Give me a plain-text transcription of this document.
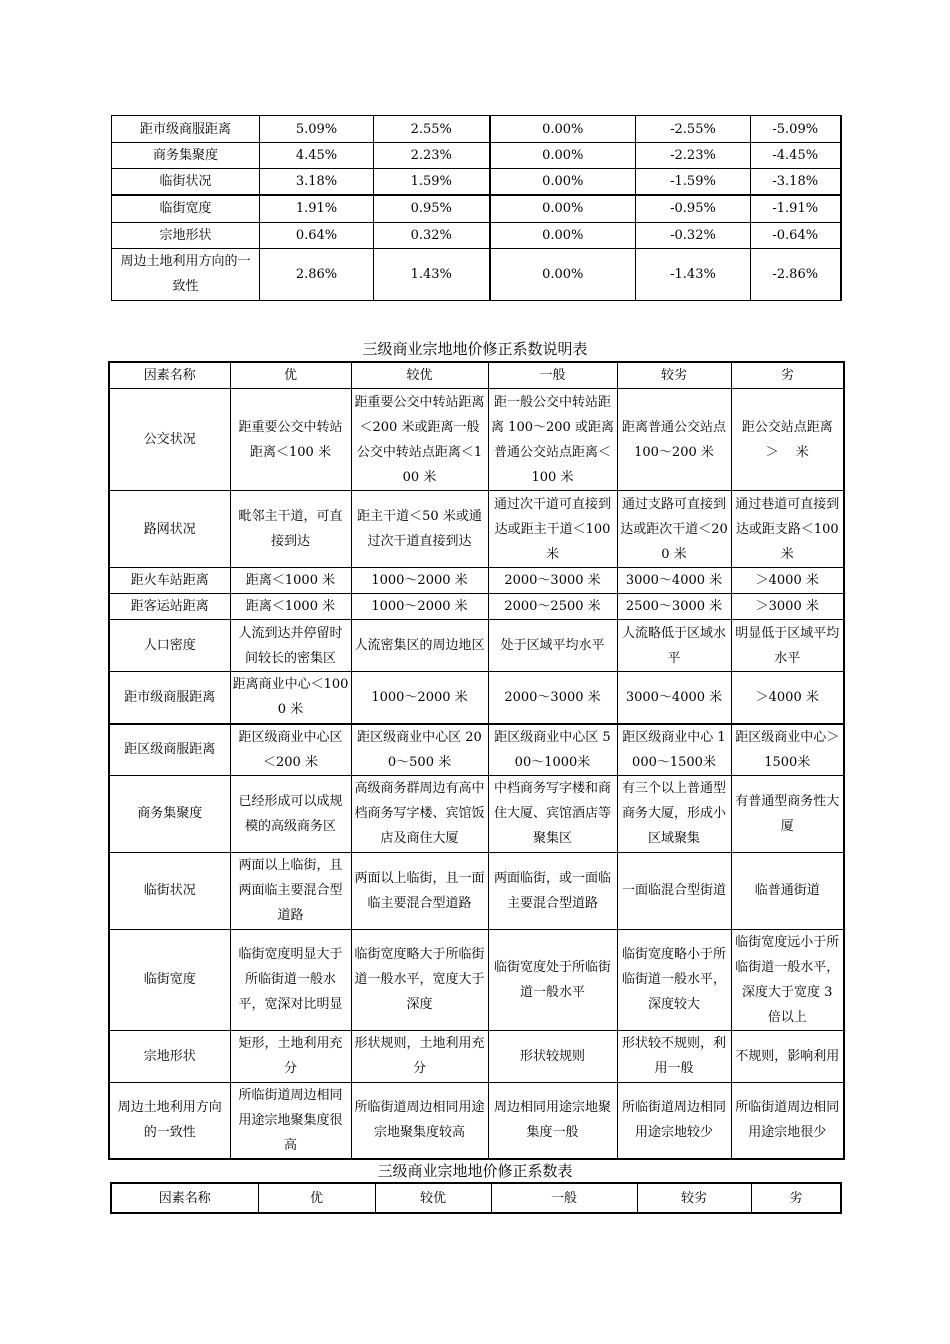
距市级商服距离	5.09%	2.55%	0.00%	-2.55%	-5.09%
商务集聚度	4.45%	2.23%	0.00%	-2.23%	-4.45%
临街状况	3.18%	1.59%	0.00%	-1.59%	-3.18%
临街宽度	1.91%	0.95%	0.00%	-0.95%	-1.91%
宗地形状	0.64%	0.32%	0.00%	-0.32%	-0.64%
周边土地利用方向的一致性	2.86%	1.43%	0.00%	-1.43%	-2.86%
三级商业宗地地价修正系数说明表
因素名称	优	较优	一般	较劣	劣
公交状况	距重要公交中转站距离＜100 米	距重要公交中转站距离＜200 米或距离一般公交中转站点距离＜100 米	距一般公交中转站距离 100～200 或距离普通公交站点距离＜100 米	距离普通公交站点 100～200 米	距公交站点距离 ＞　 米
路网状况	毗邻主干道，可直接到达	距主干道＜50 米或通过次干道直接到达	通过次干道可直接到达或距主干道＜100 米	通过支路可直接到达或距次干道＜200 米	通过巷道可直接到达或距支路＜100 米
距火车站距离	距离＜1000 米	1000～2000 米	2000～3000 米	3000～4000 米	＞4000 米
距客运站距离	距离＜1000 米	1000～2000 米	2000～2500 米	2500～3000 米	＞3000 米
人口密度	人流到达并停留时间较长的密集区	人流密集区的周边地区	处于区域平均水平	人流略低于区域水平	明显低于区域平均水平
距市级商服距离	距离商业中心＜1000 米	1000～2000 米	2000～3000 米	3000～4000 米	＞4000 米
距区级商服距离	距区级商业中心区＜200 米	距区级商业中心区 200～500 米	距区级商业中心区 500～1000米	距区级商业中心 1000～1500米	距区级商业中心＞1500米
商务集聚度	已经形成可以成规模的高级商务区	高级商务群周边有高中档商务写字楼、宾馆饭店及商住大厦	中档商务写字楼和商住大厦、宾馆酒店等聚集区	有三个以上普通型商务大厦，形成小区域聚集	有普通型商务性大厦
临街状况	两面以上临街，且两面临主要混合型道路	两面以上临街，且一面临主要混合型道路	两面临街，或一面临主要混合型道路	一面临混合型街道	临普通街道
临街宽度	临街宽度明显大于所临街道一般水平，宽深对比明显	临街宽度略大于所临街道一般水平，宽度大于深度	临街宽度处于所临街道一般水平	临街宽度略小于所临街道一般水平，深度较大	临街宽度远小于所临街道一般水平，深度大于宽度 3 倍以上
宗地形状	矩形，土地利用充分	形状规则，土地利用充分	形状较规则	形状较不规则，利用一般	不规则，影响利用
周边土地利用方向的一致性	所临街道周边相同用途宗地聚集度很高	所临街道周边相同用途宗地聚集度较高	周边相同用途宗地聚集度一般	所临街道周边相同用途宗地较少	所临街道周边相同用途宗地很少
三级商业宗地地价修正系数表
因素名称	优	较优	一般	较劣	劣
